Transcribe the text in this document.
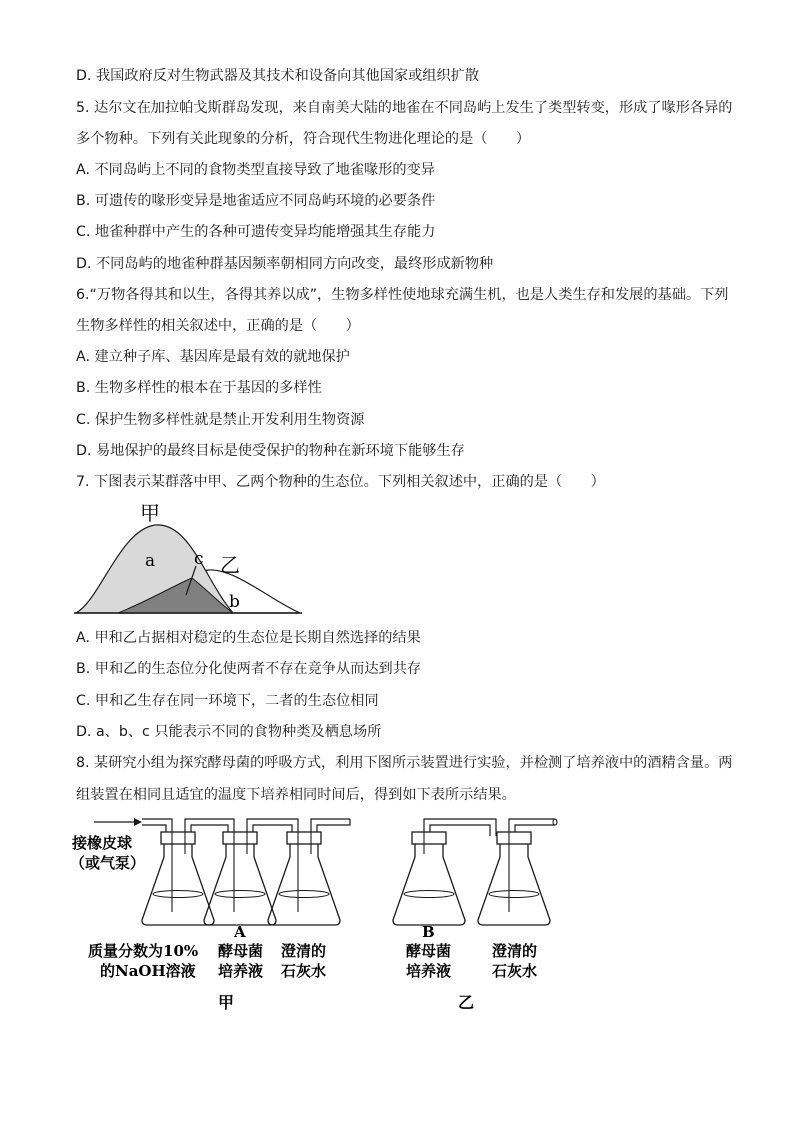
D. 我国政府反对生物武器及其技术和设备向其他国家或组织扩散
5. 达尔文在加拉帕戈斯群岛发现，来自南美大陆的地雀在不同岛屿上发生了类型转变，形成了喙形各异的
多个物种。下列有关此现象的分析，符合现代生物进化理论的是（　　）
A. 不同岛屿上不同的食物类型直接导致了地雀喙形的变异
B. 可遗传的喙形变异是地雀适应不同岛屿环境的必要条件
C. 地雀种群中产生的各种可遗传变异均能增强其生存能力
D. 不同岛屿的地雀种群基因频率朝相同方向改变，最终形成新物种
6.“万物各得其和以生，各得其养以成”，生物多样性使地球充满生机，也是人类生存和发展的基础。下列
生物多样性的相关叙述中，正确的是（　　）
A. 建立种子库、基因库是最有效的就地保护
B. 生物多样性的根本在于基因的多样性
C. 保护生物多样性就是禁止开发利用生物资源
D. 易地保护的最终目标是使受保护的物种在新环境下能够生存
7. 下图表示某群落中甲、乙两个物种的生态位。下列相关叙述中，正确的是（　　）
甲
a c 乙
b
A. 甲和乙占据相对稳定的生态位是长期自然选择的结果
B. 甲和乙的生态位分化使两者不存在竞争从而达到共存
C. 甲和乙生存在同一环境下，二者的生态位相同
D. a、b、c 只能表示不同的食物种类及栖息场所
8. 某研究小组为探究酵母菌的呼吸方式，利用下图所示装置进行实验，并检测了培养液中的酒精含量。两
组装置在相同且适宜的温度下培养相同时间后，得到如下表所示结果。
接橡皮球
（或气泵）
A
质量分数为10%
的NaOH溶液
酵母菌
培养液
澄清的
石灰水
甲
B
酵母菌
培养液
澄清的
石灰水
乙
